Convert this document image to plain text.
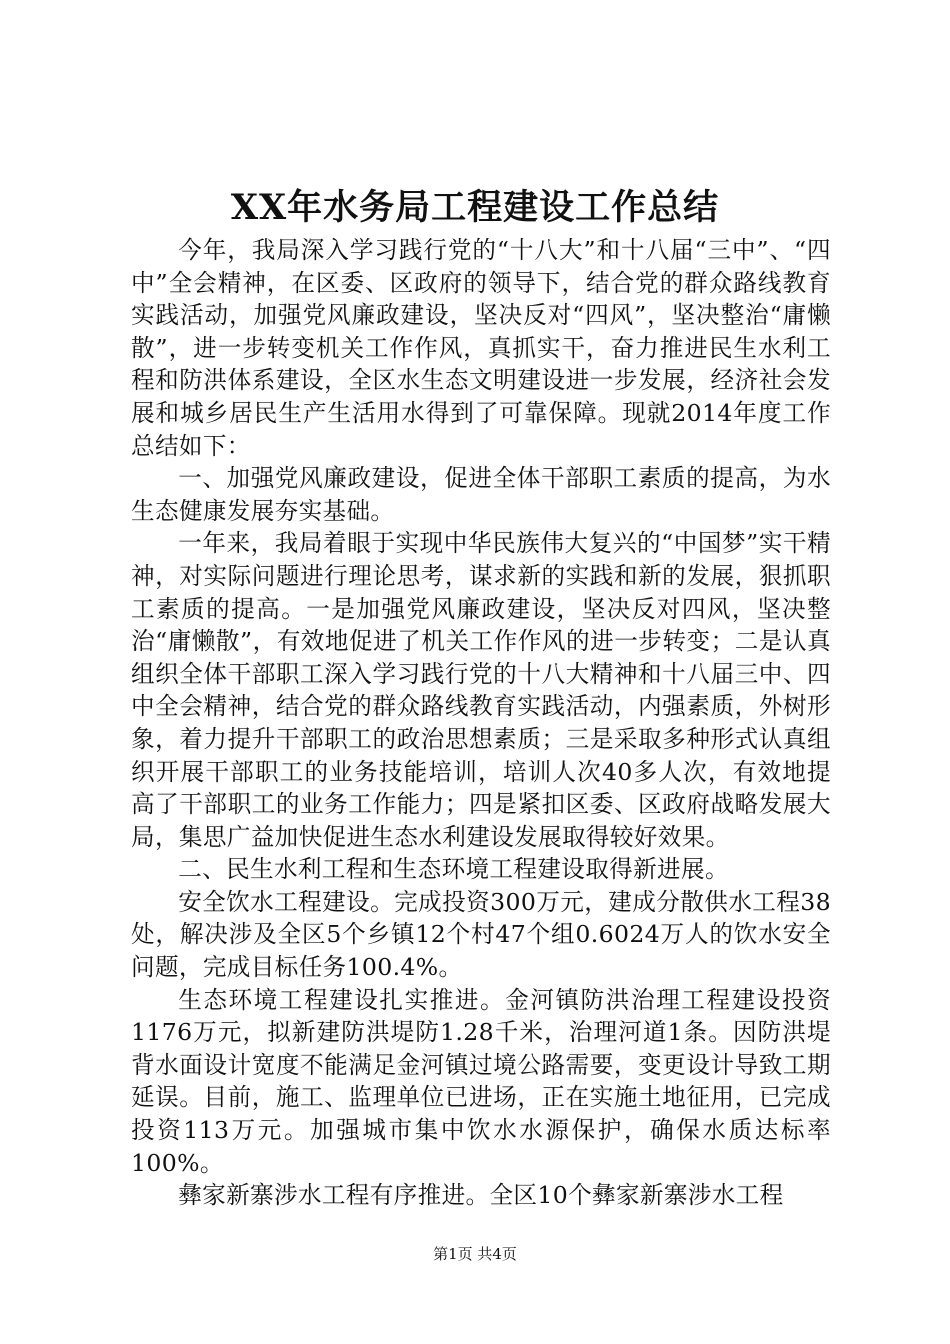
XX年水务局工程建设工作总结

今年，我局深入学习践行党的“十八大”和十八届“三中”、“四中”全会精神，在区委、区政府的领导下，结合党的群众路线教育实践活动，加强党风廉政建设，坚决反对“四风”，坚决整治“庸懒散”，进一步转变机关工作作风，真抓实干，奋力推进民生水利工程和防洪体系建设，全区水生态文明建设进一步发展，经济社会发展和城乡居民生产生活用水得到了可靠保障。现就2014年度工作总结如下：

一、加强党风廉政建设，促进全体干部职工素质的提高，为水生态健康发展夯实基础。

一年来，我局着眼于实现中华民族伟大复兴的“中国梦”实干精神，对实际问题进行理论思考，谋求新的实践和新的发展，狠抓职工素质的提高。一是加强党风廉政建设，坚决反对四风，坚决整治“庸懒散”，有效地促进了机关工作作风的进一步转变；二是认真组织全体干部职工深入学习践行党的十八大精神和十八届三中、四中全会精神，结合党的群众路线教育实践活动，内强素质，外树形象，着力提升干部职工的政治思想素质；三是采取多种形式认真组织开展干部职工的业务技能培训，培训人次40多人次，有效地提高了干部职工的业务工作能力；四是紧扣区委、区政府战略发展大局，集思广益加快促进生态水利建设发展取得较好效果。

二、民生水利工程和生态环境工程建设取得新进展。

安全饮水工程建设。完成投资300万元，建成分散供水工程38处，解决涉及全区5个乡镇12个村47个组0.6024万人的饮水安全问题，完成目标任务100.4%。

生态环境工程建设扎实推进。金河镇防洪治理工程建设投资1176万元，拟新建防洪堤防1.28千米，治理河道1条。因防洪堤背水面设计宽度不能满足金河镇过境公路需要，变更设计导致工期延误。目前，施工、监理单位已进场，正在实施土地征用，已完成投资113万元。加强城市集中饮水水源保护，确保水质达标率100%。

彝家新寨涉水工程有序推进。全区10个彝家新寨涉水工程

第1页 共4页
